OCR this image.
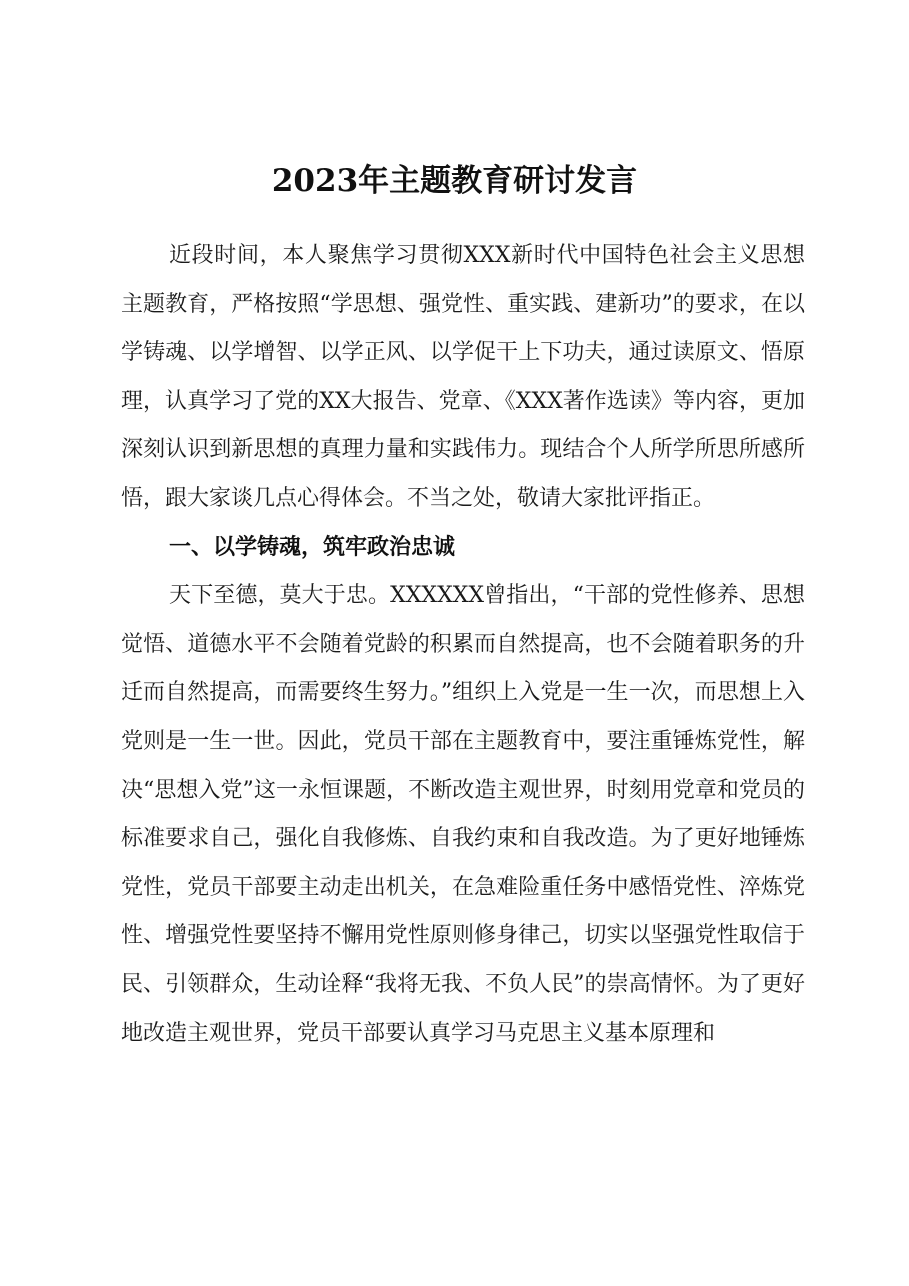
2023年主题教育研讨发言

近段时间，本人聚焦学习贯彻XXX新时代中国特色社会主义思想主题教育，严格按照“学思想、强党性、重实践、建新功”的要求，在以学铸魂、以学增智、以学正风、以学促干上下功夫，通过读原文、悟原理，认真学习了党的XX大报告、党章、《XXX著作选读》等内容，更加深刻认识到新思想的真理力量和实践伟力。现结合个人所学所思所感所悟，跟大家谈几点心得体会。不当之处，敬请大家批评指正。

一、以学铸魂，筑牢政治忠诚

天下至德，莫大于忠。XXXXXX曾指出，“干部的党性修养、思想觉悟、道德水平不会随着党龄的积累而自然提高，也不会随着职务的升迁而自然提高，而需要终生努力。”组织上入党是一生一次，而思想上入党则是一生一世。因此，党员干部在主题教育中，要注重锤炼党性，解决“思想入党”这一永恒课题，不断改造主观世界，时刻用党章和党员的标准要求自己，强化自我修炼、自我约束和自我改造。为了更好地锤炼党性，党员干部要主动走出机关，在急难险重任务中感悟党性、淬炼党性、增强党性要坚持不懈用党性原则修身律己，切实以坚强党性取信于民、引领群众，生动诠释“我将无我、不负人民”的崇高情怀。为了更好地改造主观世界，党员干部要认真学习马克思主义基本原理和
